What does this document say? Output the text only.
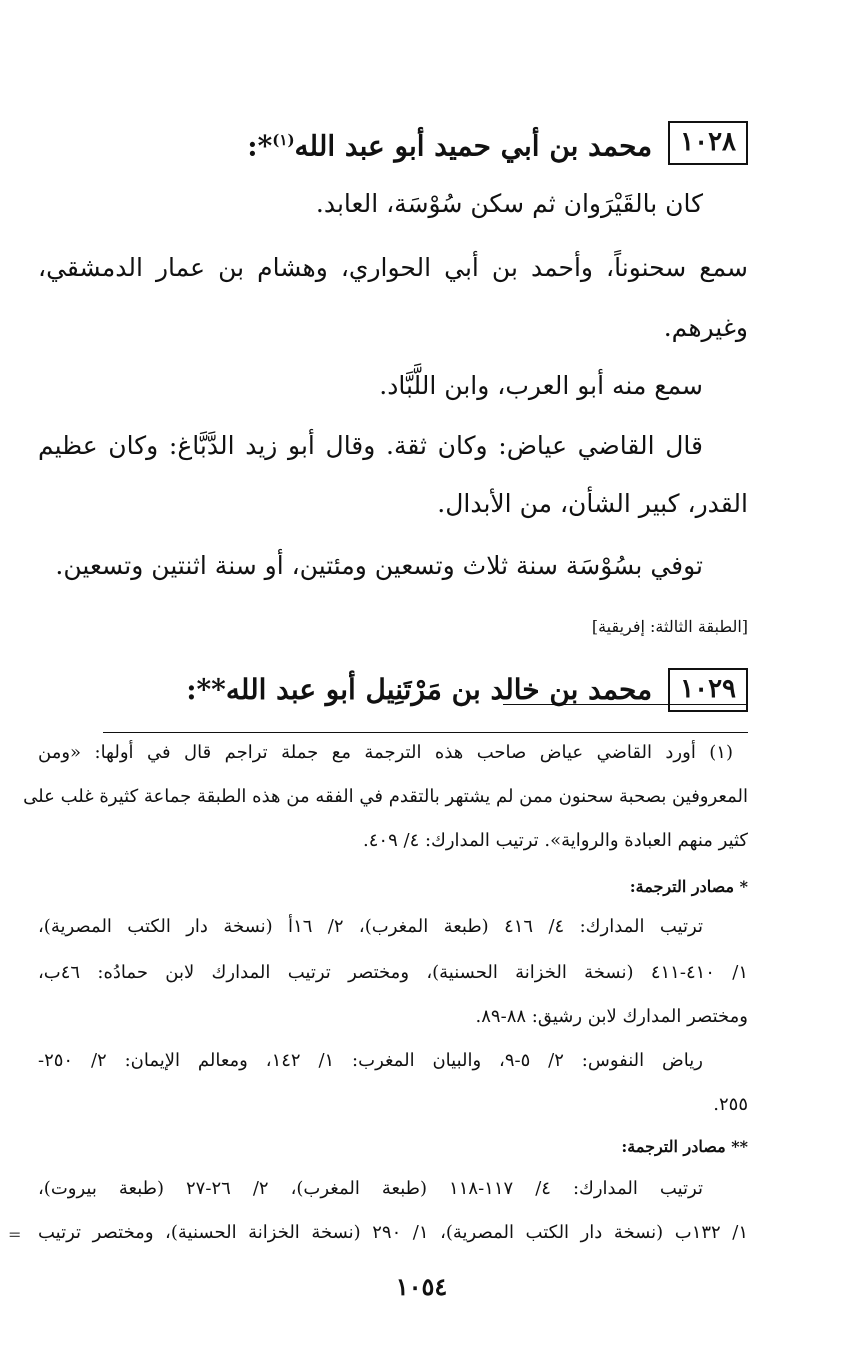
١٠٢٨
محمد بن أبي حميد أبو عبد الله$^{(١)}$*:
كان بالقَيْرَوان ثم سكن سُوْسَة، العابد.
سمع سحنوناً، وأحمد بن أبي الحواري، وهشام بن عمار الدمشقي،
وغيرهم.
سمع منه أبو العرب، وابن اللَّبَّاد.
قال القاضي عياض: وكان ثقة. وقال أبو زيد الدَّبَّاغ: وكان عظيم
القدر، كبير الشأن، من الأبدال.
توفي بسُوْسَة سنة ثلاث وتسعين ومئتين، أو سنة اثنتين وتسعين.
[الطبقة الثالثة: إفريقية]
١٠٢٩
محمد بن خالد بن مَرْتَنِيل أبو عبد الله**:
(١) أورد القاضي عياض صاحب هذه الترجمة مع جملة تراجم قال في أولها: «ومن
المعروفين بصحبة سحنون ممن لم يشتهر بالتقدم في الفقه من هذه الطبقة جماعة كثيرة غلب على
كثير منهم العبادة والرواية». ترتيب المدارك: ٤/ ٤٠٩.
* مصادر الترجمة:
ترتيب المدارك: ٤/ ٤١٦ (طبعة المغرب)، ٢/ ١٦أ (نسخة دار الكتب المصرية)،
١/ ٤١٠-٤١١ (نسخة الخزانة الحسنية)، ومختصر ترتيب المدارك لابن حمادُه: ٤٦ب،
ومختصر المدارك لابن رشيق: ٨٨-٨٩.
رياض النفوس: ٢/ ٥-٩، والبيان المغرب: ١/ ١٤٢، ومعالم الإيمان: ٢/ ٢٥٠-
٢٥٥.
** مصادر الترجمة:
ترتيب المدارك: ٤/ ١١٧-١١٨ (طبعة المغرب)، ٢/ ٢٦-٢٧ (طبعة بيروت)،
١/ ١٣٢ب (نسخة دار الكتب المصرية)، ١/ ٢٩٠ (نسخة الخزانة الحسنية)، ومختصر ترتيب
=
١٠٥٤
